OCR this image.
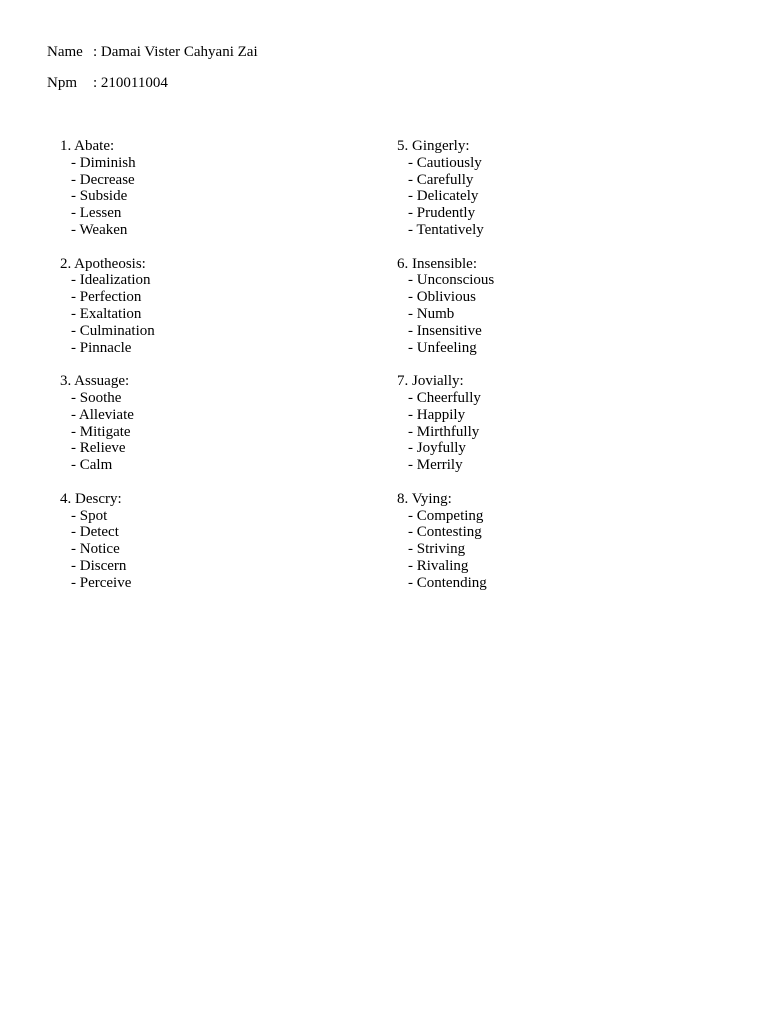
Name : Damai Vister Cahyani Zai
Npm : 210011004
1. Abate:
- Diminish
- Decrease
- Subside
- Lessen
- Weaken
2. Apotheosis:
- Idealization
- Perfection
- Exaltation
- Culmination
- Pinnacle
3. Assuage:
- Soothe
- Alleviate
- Mitigate
- Relieve
- Calm
4. Descry:
- Spot
- Detect
- Notice
- Discern
- Perceive
5. Gingerly:
- Cautiously
- Carefully
- Delicately
- Prudently
- Tentatively
6. Insensible:
- Unconscious
- Oblivious
- Numb
- Insensitive
- Unfeeling
7. Jovially:
- Cheerfully
- Happily
- Mirthfully
- Joyfully
- Merrily
8. Vying:
- Competing
- Contesting
- Striving
- Rivaling
- Contending
